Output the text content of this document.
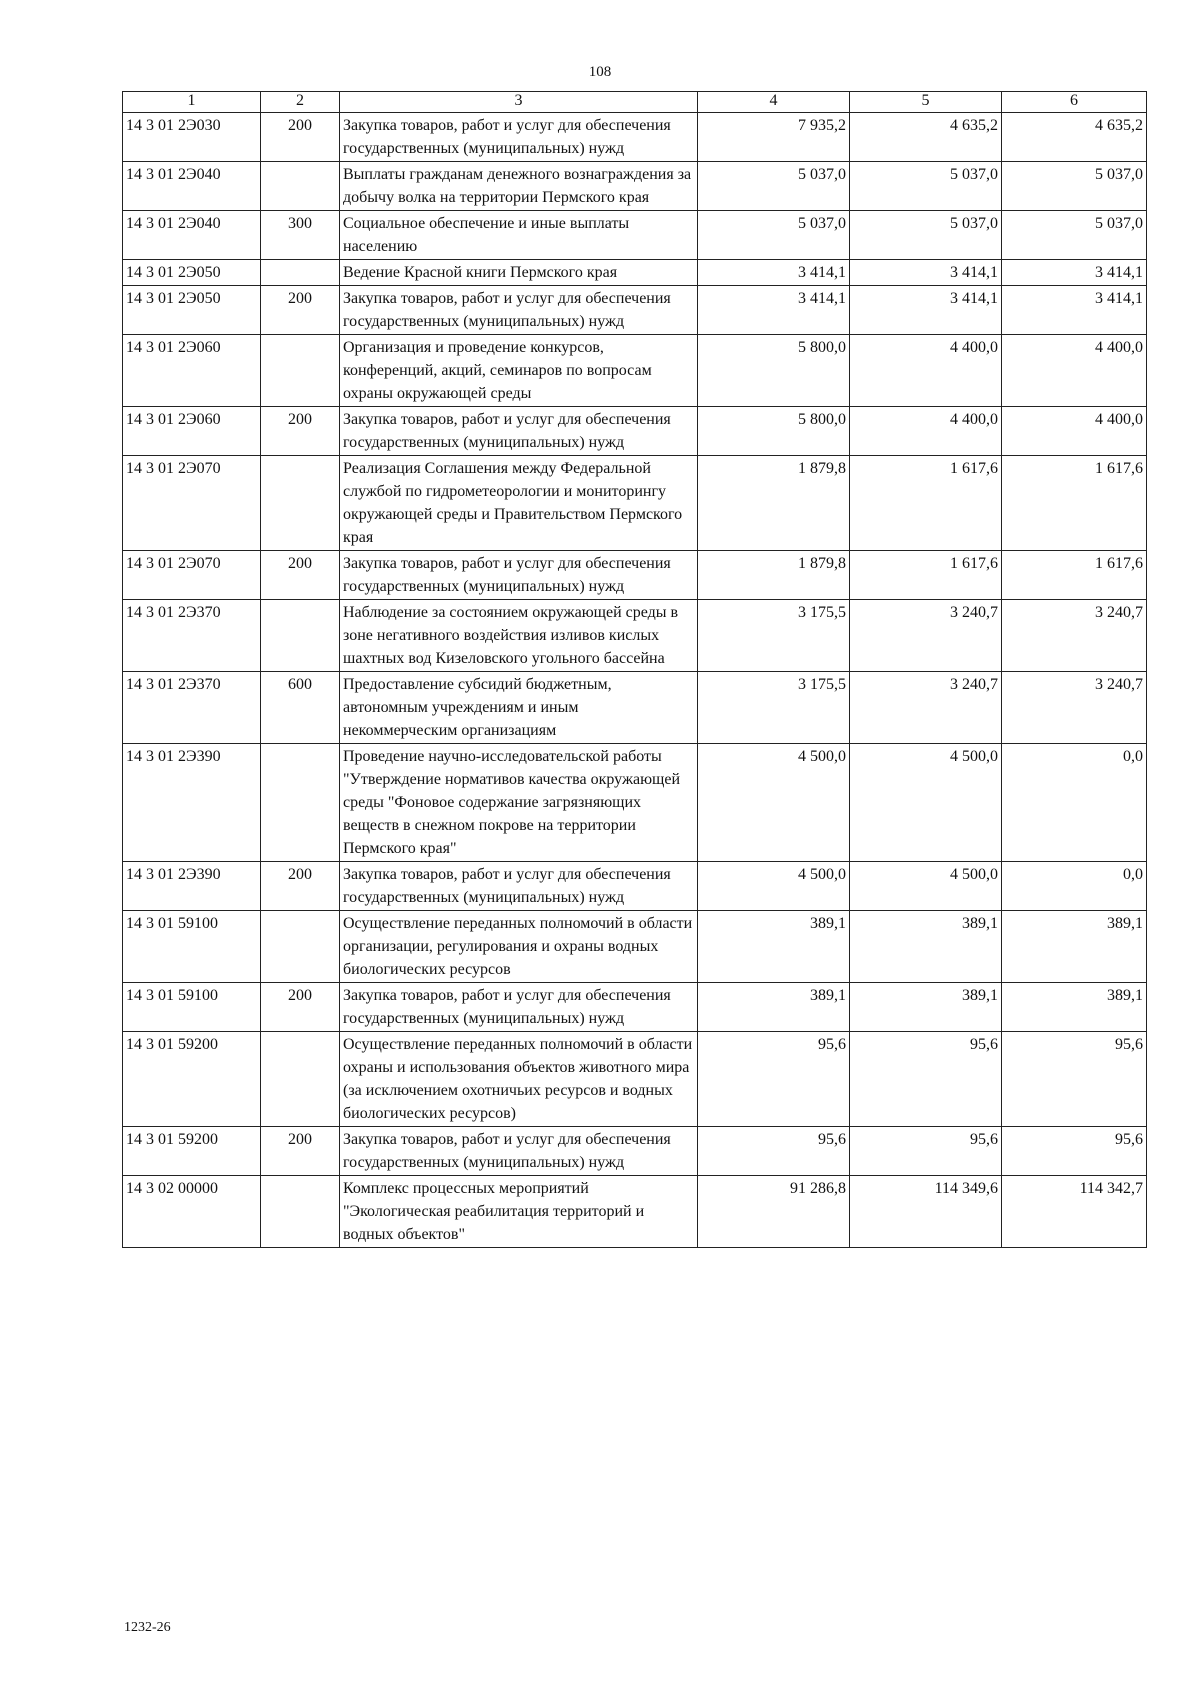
108
1	2	3	4	5	6
14 3 01 2Э030	200	Закупка товаров, работ и услуг для обеспечения государственных (муниципальных) нужд	7 935,2	4 635,2	4 635,2
14 3 01 2Э040		Выплаты гражданам денежного вознаграждения за добычу волка на территории Пермского края	5 037,0	5 037,0	5 037,0
14 3 01 2Э040	300	Социальное обеспечение и иные выплаты населению	5 037,0	5 037,0	5 037,0
14 3 01 2Э050		Ведение Красной книги Пермского края	3 414,1	3 414,1	3 414,1
14 3 01 2Э050	200	Закупка товаров, работ и услуг для обеспечения государственных (муниципальных) нужд	3 414,1	3 414,1	3 414,1
14 3 01 2Э060		Организация и проведение конкурсов, конференций, акций, семинаров по вопросам охраны окружающей среды	5 800,0	4 400,0	4 400,0
14 3 01 2Э060	200	Закупка товаров, работ и услуг для обеспечения государственных (муниципальных) нужд	5 800,0	4 400,0	4 400,0
14 3 01 2Э070		Реализация Соглашения между Федеральной службой по гидрометеорологии и мониторингу окружающей среды и Правительством Пермского края	1 879,8	1 617,6	1 617,6
14 3 01 2Э070	200	Закупка товаров, работ и услуг для обеспечения государственных (муниципальных) нужд	1 879,8	1 617,6	1 617,6
14 3 01 2Э370		Наблюдение за состоянием окружающей среды в зоне негативного воздействия изливов кислых шахтных вод Кизеловского угольного бассейна	3 175,5	3 240,7	3 240,7
14 3 01 2Э370	600	Предоставление субсидий бюджетным, автономным учреждениям и иным некоммерческим организациям	3 175,5	3 240,7	3 240,7
14 3 01 2Э390		Проведение научно-исследовательской работы "Утверждение нормативов качества окружающей среды "Фоновое содержание загрязняющих веществ в снежном покрове на территории Пермского края"	4 500,0	4 500,0	0,0
14 3 01 2Э390	200	Закупка товаров, работ и услуг для обеспечения государственных (муниципальных) нужд	4 500,0	4 500,0	0,0
14 3 01 59100		Осуществление переданных полномочий в области организации, регулирования и охраны водных биологических ресурсов	389,1	389,1	389,1
14 3 01 59100	200	Закупка товаров, работ и услуг для обеспечения государственных (муниципальных) нужд	389,1	389,1	389,1
14 3 01 59200		Осуществление переданных полномочий в области охраны и использования объектов животного мира (за исключением охотничьих ресурсов и водных биологических ресурсов)	95,6	95,6	95,6
14 3 01 59200	200	Закупка товаров, работ и услуг для обеспечения государственных (муниципальных) нужд	95,6	95,6	95,6
14 3 02 00000		Комплекс процессных мероприятий "Экологическая реабилитация территорий и водных объектов"	91 286,8	114 349,6	114 342,7
1232-26
